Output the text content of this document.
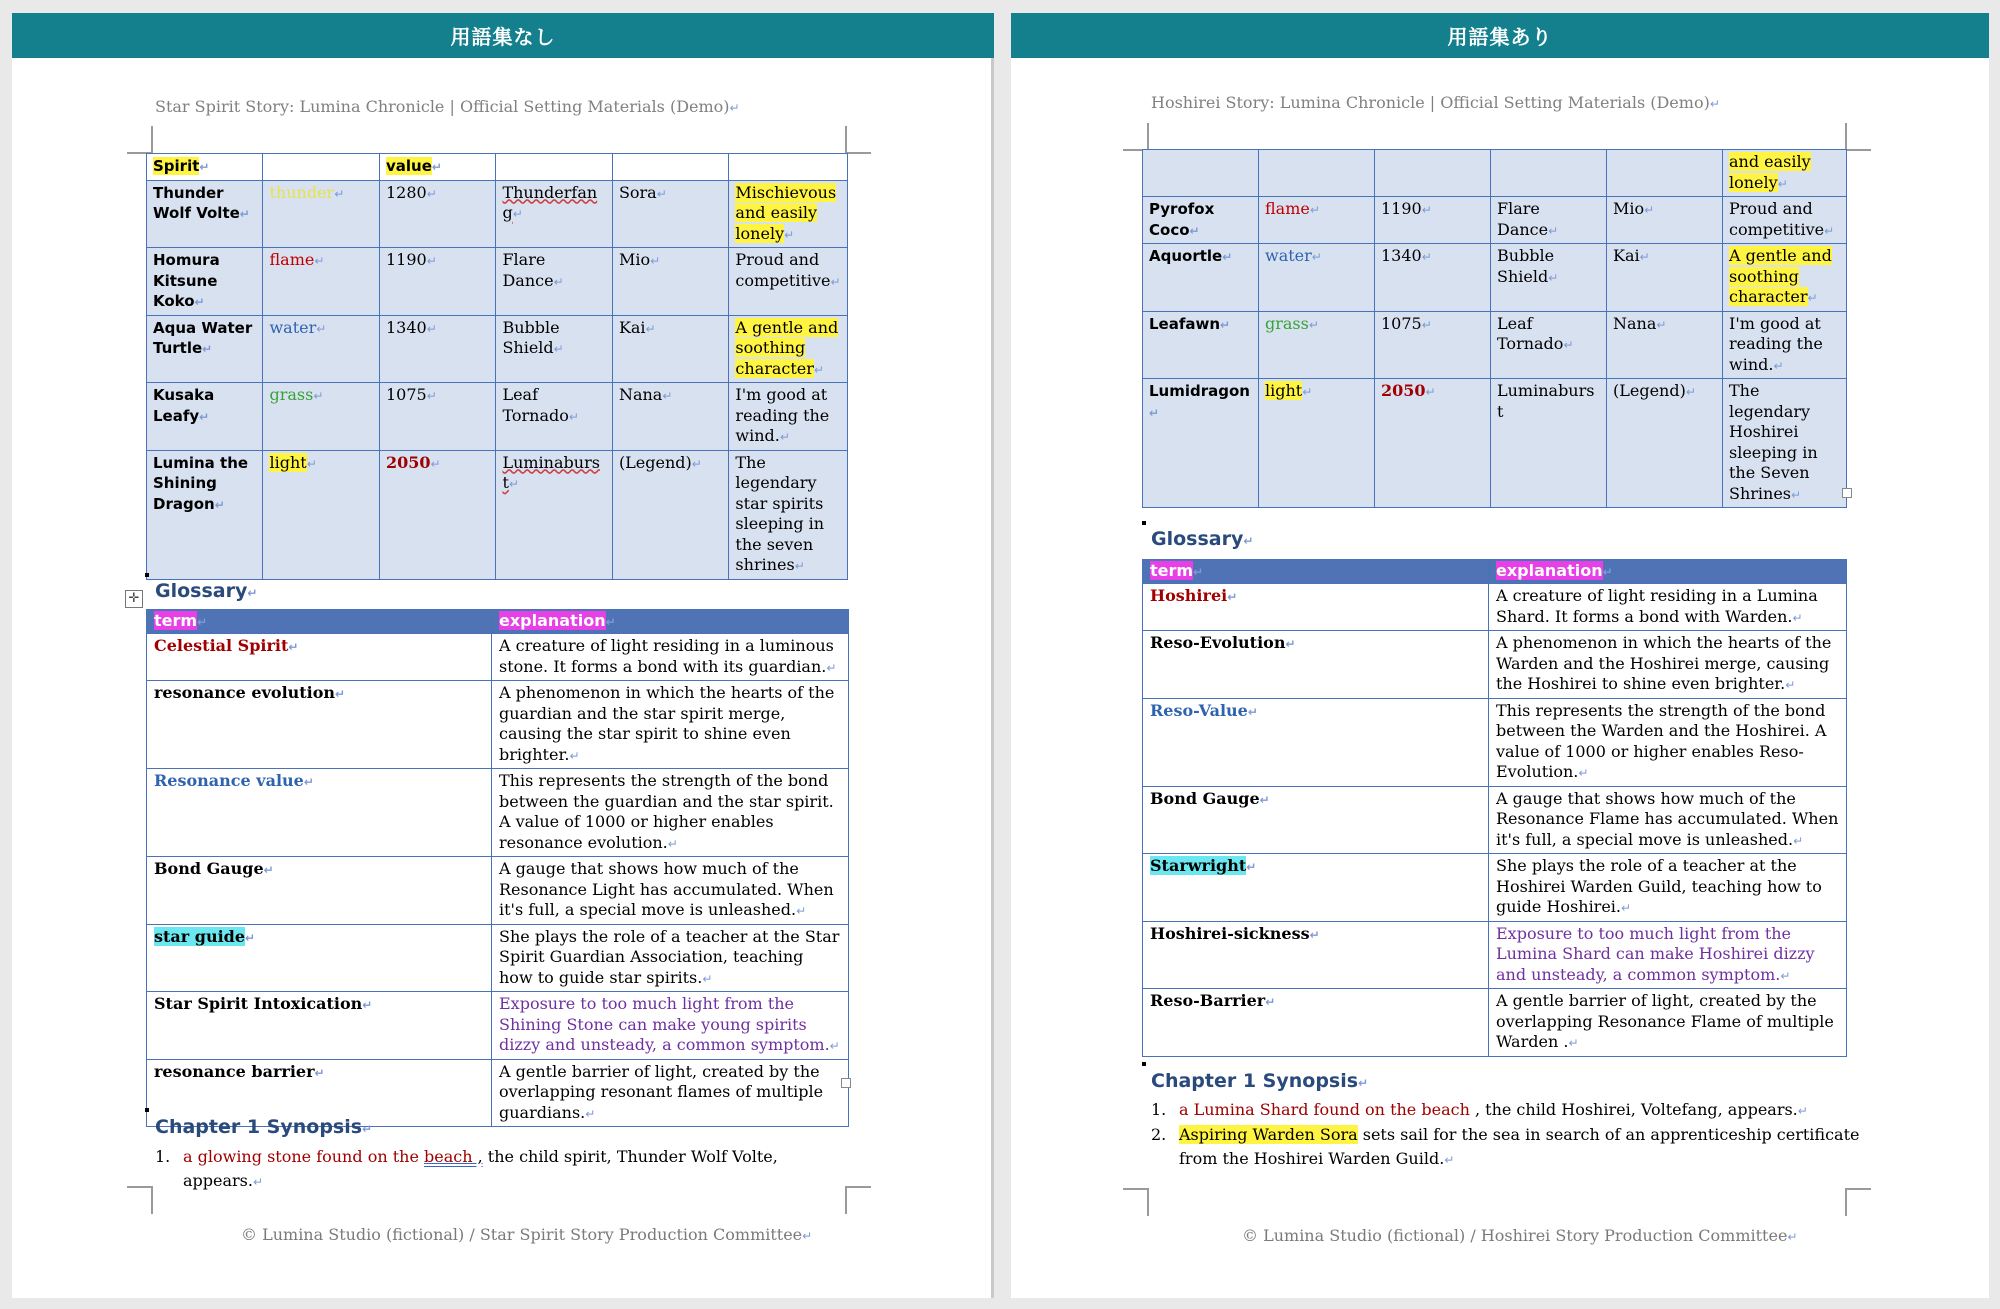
用語集なし
Star Spirit Story: Lumina Chronicle | Official Setting Materials (Demo)↵
Spirit↵		value↵			
Thunder Wolf Volte↵	thunder↵	1280↵	Thunderfang↵	Sora↵	Mischievous and easily lonely↵
Homura Kitsune Koko↵	flame↵	1190↵	Flare Dance↵	Mio↵	Proud and competitive↵
Aqua Water Turtle↵	water↵	1340↵	Bubble Shield↵	Kai↵	A gentle and soothing character↵
Kusaka Leafy↵	grass↵	1075↵	Leaf Tornado↵	Nana↵	I'm good at reading the wind.↵
Lumina the Shining Dragon↵	light↵	2050↵	Luminaburst↵	(Legend)↵	The legendary star spirits sleeping in the seven shrines↵
✛ Glossary↵
term↵	explanation↵
Celestial Spirit↵	A creature of light residing in a luminous stone. It forms a bond with its guardian.↵
resonance evolution↵	A phenomenon in which the hearts of the guardian and the star spirit merge, causing the star spirit to shine even brighter.↵
Resonance value↵	This represents the strength of the bond between the guardian and the star spirit. A value of 1000 or higher enables resonance evolution.↵
Bond Gauge↵	A gauge that shows how much of the Resonance Light has accumulated. When it's full, a special move is unleashed.↵
star guide↵	She plays the role of a teacher at the Star Spirit Guardian Association, teaching how to guide star spirits.↵
Star Spirit Intoxication↵	Exposure to too much light from the Shining Stone can make young spirits dizzy and unsteady, a common symptom.↵
resonance barrier↵	A gentle barrier of light, created by the overlapping resonant flames of multiple guardians.↵
Chapter 1 Synopsis↵
1. a glowing stone found on the beach , the child spirit, Thunder Wolf Volte, appears.↵
© Lumina Studio (fictional) / Star Spirit Story Production Committee↵
用語集あり
Hoshirei Story: Lumina Chronicle | Official Setting Materials (Demo)↵
					and easily lonely↵
Pyrofox Coco↵	flame↵	1190↵	Flare Dance↵	Mio↵	Proud and competitive↵
Aquortle↵	water↵	1340↵	Bubble Shield↵	Kai↵	A gentle and soothing character↵
Leafawn↵	grass↵	1075↵	Leaf Tornado↵	Nana↵	I'm good at reading the wind.↵
Lumidragon↵	light↵	2050↵	Luminaburst	(Legend)↵	The legendary Hoshirei sleeping in the Seven Shrines↵
Glossary↵
term↵	explanation↵
Hoshirei↵	A creature of light residing in a Lumina Shard. It forms a bond with Warden.↵
Reso-Evolution↵	A phenomenon in which the hearts of the Warden and the Hoshirei merge, causing the Hoshirei to shine even brighter.↵
Reso-Value↵	This represents the strength of the bond between the Warden and the Hoshirei. A value of 1000 or higher enables Reso-Evolution.↵
Bond Gauge↵	A gauge that shows how much of the Resonance Flame has accumulated. When it's full, a special move is unleashed.↵
Starwright↵	She plays the role of a teacher at the Hoshirei Warden Guild, teaching how to guide Hoshirei.↵
Hoshirei-sickness↵	Exposure to too much light from the Lumina Shard can make Hoshirei dizzy and unsteady, a common symptom.↵
Reso-Barrier↵	A gentle barrier of light, created by the overlapping Resonance Flame of multiple Warden .↵
Chapter 1 Synopsis↵
1. a Lumina Shard found on the beach , the child Hoshirei, Voltefang, appears.↵
2. Aspiring Warden Sora sets sail for the sea in search of an apprenticeship certificate from the Hoshirei Warden Guild.↵
© Lumina Studio (fictional) / Hoshirei Story Production Committee↵
